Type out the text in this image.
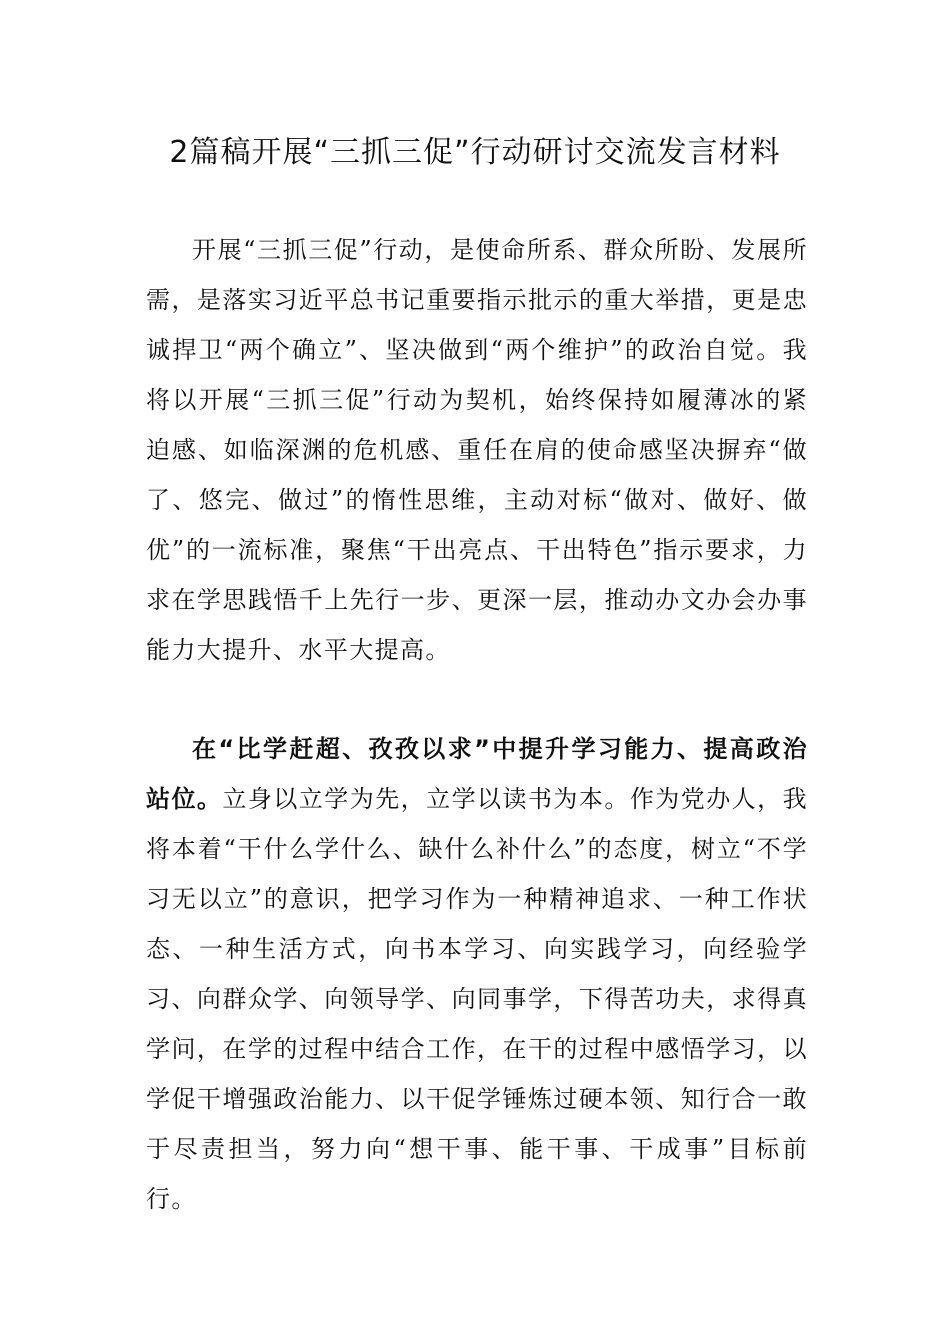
2篇稿开展“三抓三促”行动研讨交流发言材料

开展“三抓三促”行动，是使命所系、群众所盼、发展所需，是落实习近平总书记重要指示批示的重大举措，更是忠诚捍卫“两个确立”、坚决做到“两个维护”的政治自觉。我将以开展“三抓三促”行动为契机，始终保持如履薄冰的紧迫感、如临深渊的危机感、重任在肩的使命感坚决摒弃“做了、悠完、做过”的惰性思维，主动对标“做对、做好、做优”的一流标准，聚焦“干出亮点、干出特色”指示要求，力求在学思践悟千上先行一步、更深一层，推动办文办会办事能力大提升、水平大提高。

在“比学赶超、孜孜以求”中提升学习能力、提高政治站位。立身以立学为先，立学以读书为本。作为党办人，我将本着“干什么学什么、缺什么补什么”的态度，树立“不学习无以立”的意识，把学习作为一种精神追求、一种工作状态、一种生活方式，向书本学习、向实践学习，向经验学习、向群众学、向领导学、向同事学，下得苦功夫，求得真学问，在学的过程中结合工作，在干的过程中感悟学习，以学促干增强政治能力、以干促学锤炼过硬本领、知行合一敢于尽责担当，努力向“想干事、能干事、干成事”目标前行。
